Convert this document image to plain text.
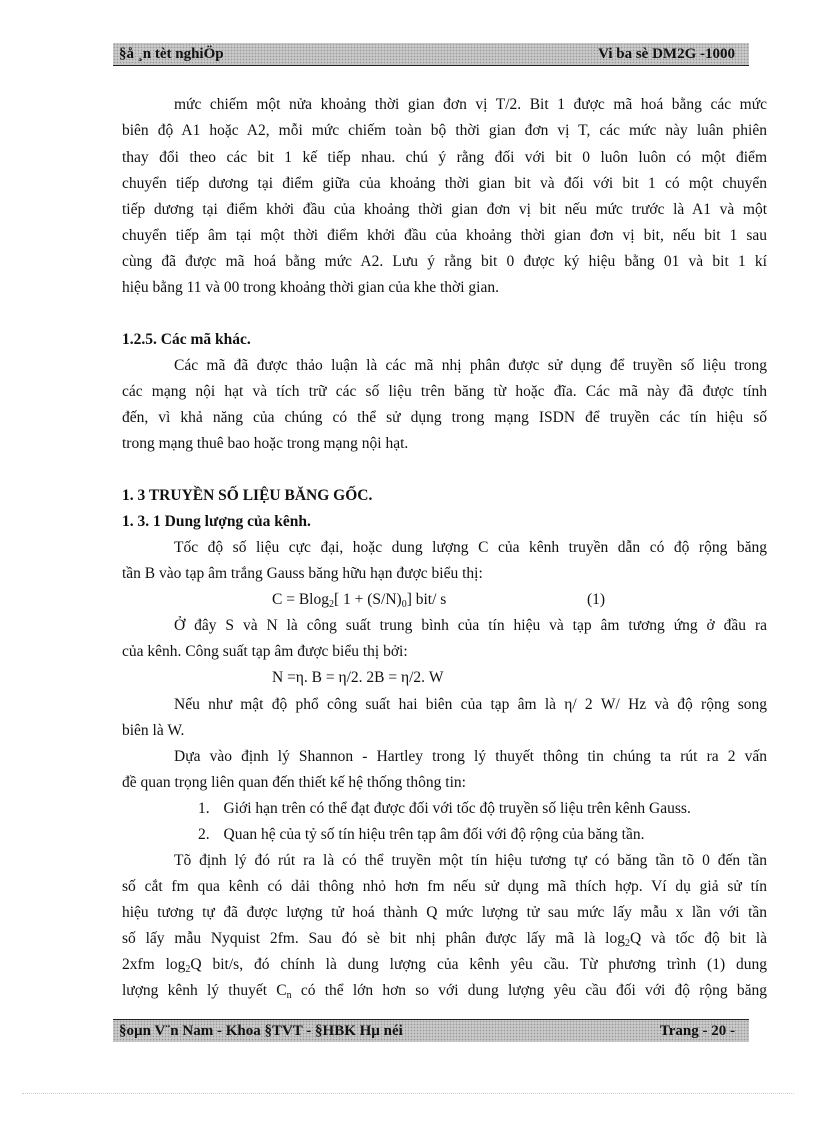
§å ¸n tèt nghiÖp	Vi ba sè DM2G -1000
mức chiếm một nửa khoảng thời gian đơn vị T/2. Bit 1 được mã hoá bằng các mức
biên độ A1 hoặc A2, mỗi mức chiếm toàn bộ thời gian đơn vị T, các mức này luân phiên
thay đổi theo các bit 1 kế tiếp nhau. chú ý rằng đối với bit 0 luôn luôn có một điểm
chuyển tiếp dương tại điểm giữa của khoảng thời gian bit và đối với bit 1 có một chuyển
tiếp dương tại điểm khởi đầu của khoảng thời gian đơn vị bit nếu mức trước là A1 và một
chuyển tiếp âm tại một thời điểm khởi đầu của khoảng thời gian đơn vị bit, nếu bit 1 sau
cùng đã được mã hoá bằng mức A2. Lưu ý rằng bit 0 được ký hiệu bằng 01 và bit 1 kí
hiệu bằng 11 và 00 trong khoảng thời gian của khe thời gian.
1.2.5. Các mã khác.
Các mã đã được thảo luận là các mã nhị phân được sử dụng để truyền số liệu trong
các mạng nội hạt và tích trữ các số liệu trên băng từ hoặc đĩa. Các mã này đã được tính
đến, vì khả năng của chúng có thể sử dụng trong mạng ISDN để truyền các tín hiệu số
trong mạng thuê bao hoặc trong mạng nội hạt.
1. 3 TRUYỀN SỐ LIỆU BĂNG GỐC.
1. 3. 1 Dung lượng của kênh.
Tốc độ số liệu cực đại, hoặc dung lượng C của kênh truyền dẫn có độ rộng băng
tần B vào tạp âm trắng Gauss băng hữu hạn được biểu thị:
C = Blog$_2$[ $1 + (S/N)_0$] bit/ s	(1)
Ở đây S và N là công suất trung bình của tín hiệu và tạp âm tương ứng ở đầu ra
của kênh. Công suất tạp âm được biểu thị bởi:
N =η. B = η/2. 2B = η/2. W
Nếu như mật độ phổ công suất hai biên của tạp âm là η/ 2 W/ Hz và độ rộng song
biên là W.
Dựa vào định lý Shannon - Hartley trong lý thuyết thông tin chúng ta rút ra 2 vấn
đề quan trọng liên quan đến thiết kế hệ thống thông tin:
1. Giới hạn trên có thể đạt được đối với tốc độ truyền số liệu trên kênh Gauss.
2. Quan hệ của tỷ số tín hiệu trên tạp âm đối với độ rộng của băng tần.
Tõ định lý đó rút ra là có thể truyền một tín hiệu tương tự có băng tần tõ 0 đến tần
số cắt fm qua kênh có dải thông nhỏ hơn fm nếu sử dụng mã thích hợp. Ví dụ giả sử tín
hiệu tương tự đã được lượng tử hoá thành Q mức lượng tử sau mức lấy mẫu x lần với tần
số lấy mẫu Nyquist 2fm. Sau đó sè bit nhị phân được lấy mã là $\log_2Q$ và tốc độ bit là
2xfm $\log_2Q$ bit/s, đó chính là dung lượng của kênh yêu cầu. Từ phương trình (1) dung
lượng kênh lý thuyết $C_n$ có thể lớn hơn so với dung lượng yêu cầu đối với độ rộng băng
§oµn V¨n Nam - Khoa §TVT - §HBK Hµ néi	Trang - 20 -
